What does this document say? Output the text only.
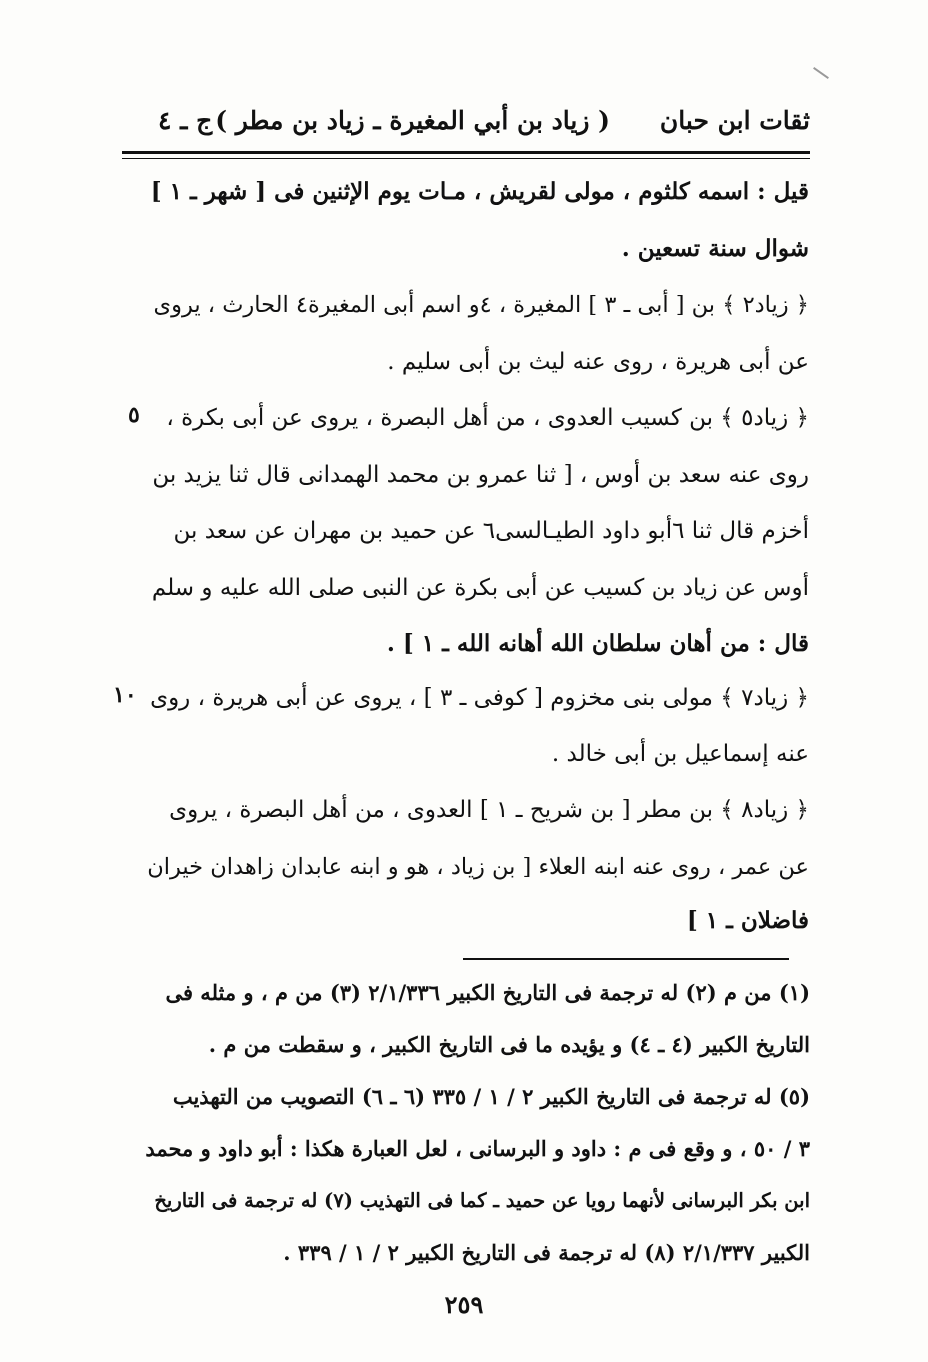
ثقات ابن حبان
( زياد بن أبي المغيرة ـ زياد بن مطر )
ج ـ ٤
قيل : اسمه كلثوم ، مولى لقريش ، مـات يوم الإثنين فى [ شهر ـ ١ ]
شوال سنة تسعين .
﴿ زياد٢ ﴾ بن [ أبى ـ ٣ ] المغيرة ، ٤و اسم أبى المغيرة٤ الحارث ، يروى
عن أبى هريرة ، روى عنه ليث بن أبى سليم .
﴿ زياد٥ ﴾ بن كسيب العدوى ، من أهل البصرة ، يروى عن أبى بكرة ،
روى عنه سعد بن أوس ، [ ثنا عمرو بن محمد الهمدانى قال ثنا يزيد بن
أخزم قال ثنا ٦أبو داود الطيـالسى٦ عن حميد بن مهران عن سعد بن
أوس عن زياد بن كسيب عن أبى بكرة عن النبى صلى الله عليه و سلم
قال : من أهان سلطان الله أهانه الله ـ ١ ] .
﴿ زياد٧ ﴾ مولى بنى مخزوم [ كوفى ـ ٣ ] ، يروى عن أبى هريرة ، روى
عنه إسماعيل بن أبى خالد .
﴿ زياد٨ ﴾ بن مطر [ بن شريح ـ ١ ] العدوى ، من أهل البصرة ، يروى
عن عمر ، روى عنه ابنه العلاء [ بن زياد ، هو و ابنه عابدان زاهدان خيران
فاضلان ـ ١ ]
٥
١٠
(١) من م (٢) له ترجمة فى التاريخ الكبير ٢/١/٣٣٦ (٣) من م ، و مثله فى
التاريخ الكبير (٤ ـ ٤) و يؤيده ما فى التاريخ الكبير ، و سقطت من م .
(٥) له ترجمة فى التاريخ الكبير ٢ / ١ / ٣٣٥ (٦ ـ ٦) التصويب من التهذيب
٣ / ٥٠ ، و وقع فى م : داود و البرسانى ، لعل العبارة هكذا : أبو داود و محمد
ابن بكر البرسانى لأنهما رويا عن حميد ـ كما فى التهذيب (٧) له ترجمة فى التاريخ
الكبير ٢/١/٣٣٧ (٨) له ترجمة فى التاريخ الكبير ٢ / ١ / ٣٣٩ .
٢٥٩
